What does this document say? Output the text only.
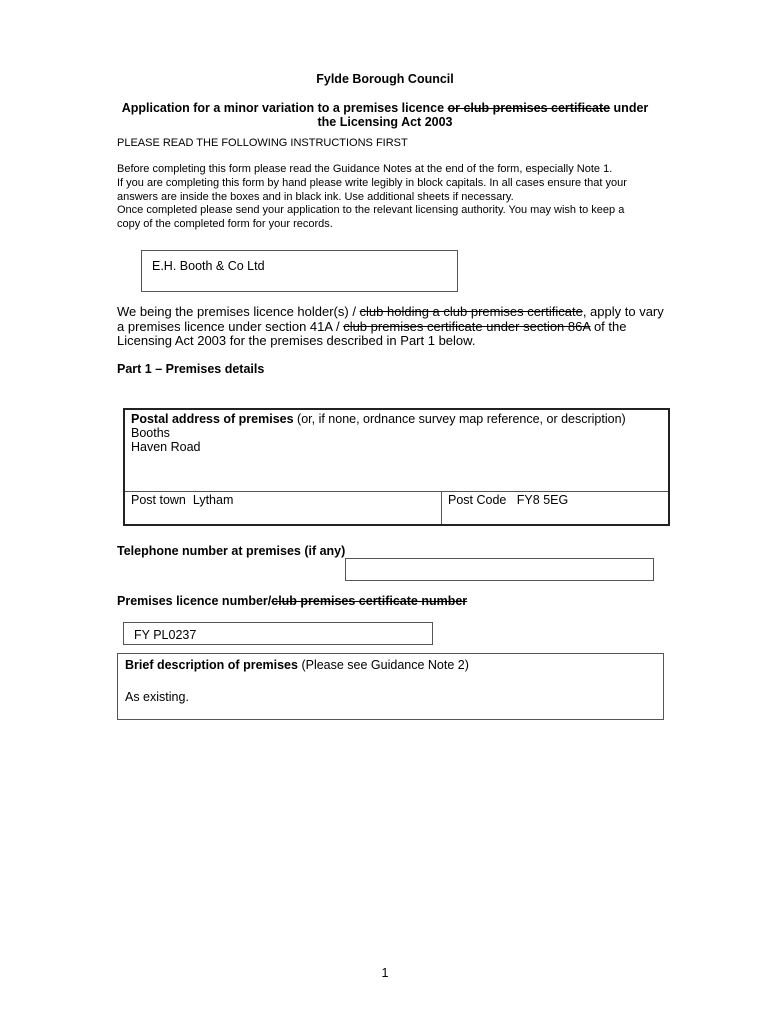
Fylde Borough Council
Application for a minor variation to a premises licence or club premises certificate under
the Licensing Act 2003
PLEASE READ THE FOLLOWING INSTRUCTIONS FIRST
Before completing this form please read the Guidance Notes at the end of the form, especially Note 1.
If you are completing this form by hand please write legibly in block capitals. In all cases ensure that your
answers are inside the boxes and in black ink. Use additional sheets if necessary.
Once completed please send your application to the relevant licensing authority. You may wish to keep a
copy of the completed form for your records.
E.H. Booth & Co Ltd
We being the premises licence holder(s) / club holding a club premises certificate, apply to vary
a premises licence under section 41A / club premises certificate under section 86A of the
Licensing Act 2003 for the premises described in Part 1 below.
Part 1 – Premises details
Postal address of premises (or, if none, ordnance survey map reference, or description)
Booths
Haven Road
Post town Lytham	Post Code FY8 5EG
Telephone number at premises (if any)
Premises licence number/club premises certificate number
FY PL0237
Brief description of premises (Please see Guidance Note 2)
As existing.
1
